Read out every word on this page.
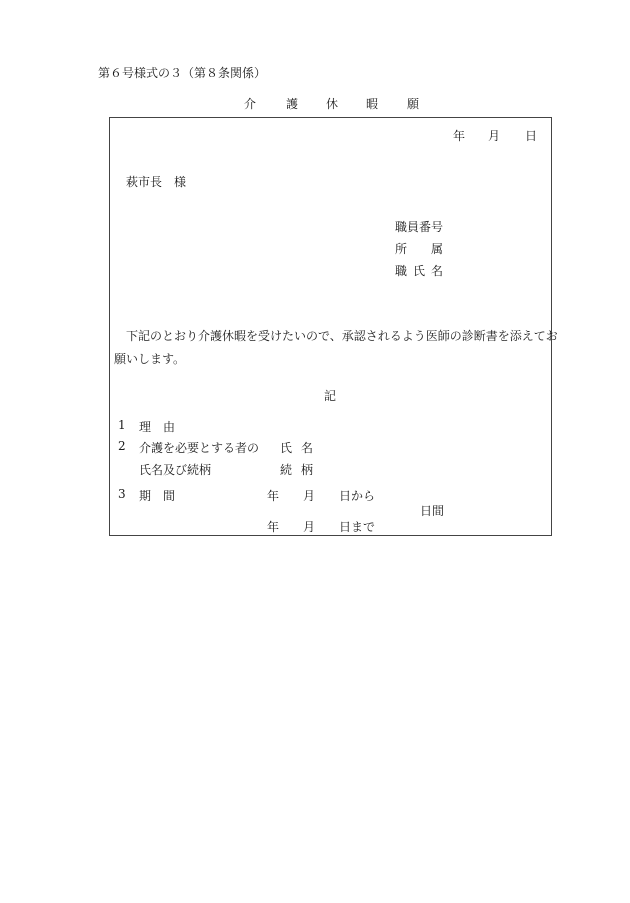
第６号様式の３（第８条関係）
介 護 休 暇 願
年 月 日
萩市長　様
職員番号
所 属
職 氏 名
下記のとおり介護休暇を受けたいので、承認されるよう医師の診断書を添えてお
願いします。
記
1 理　由
2 介護を必要とする者の
氏名及び続柄
氏 名
続 柄
3 期　間	年 月 日から
日間
年 月 日まで
